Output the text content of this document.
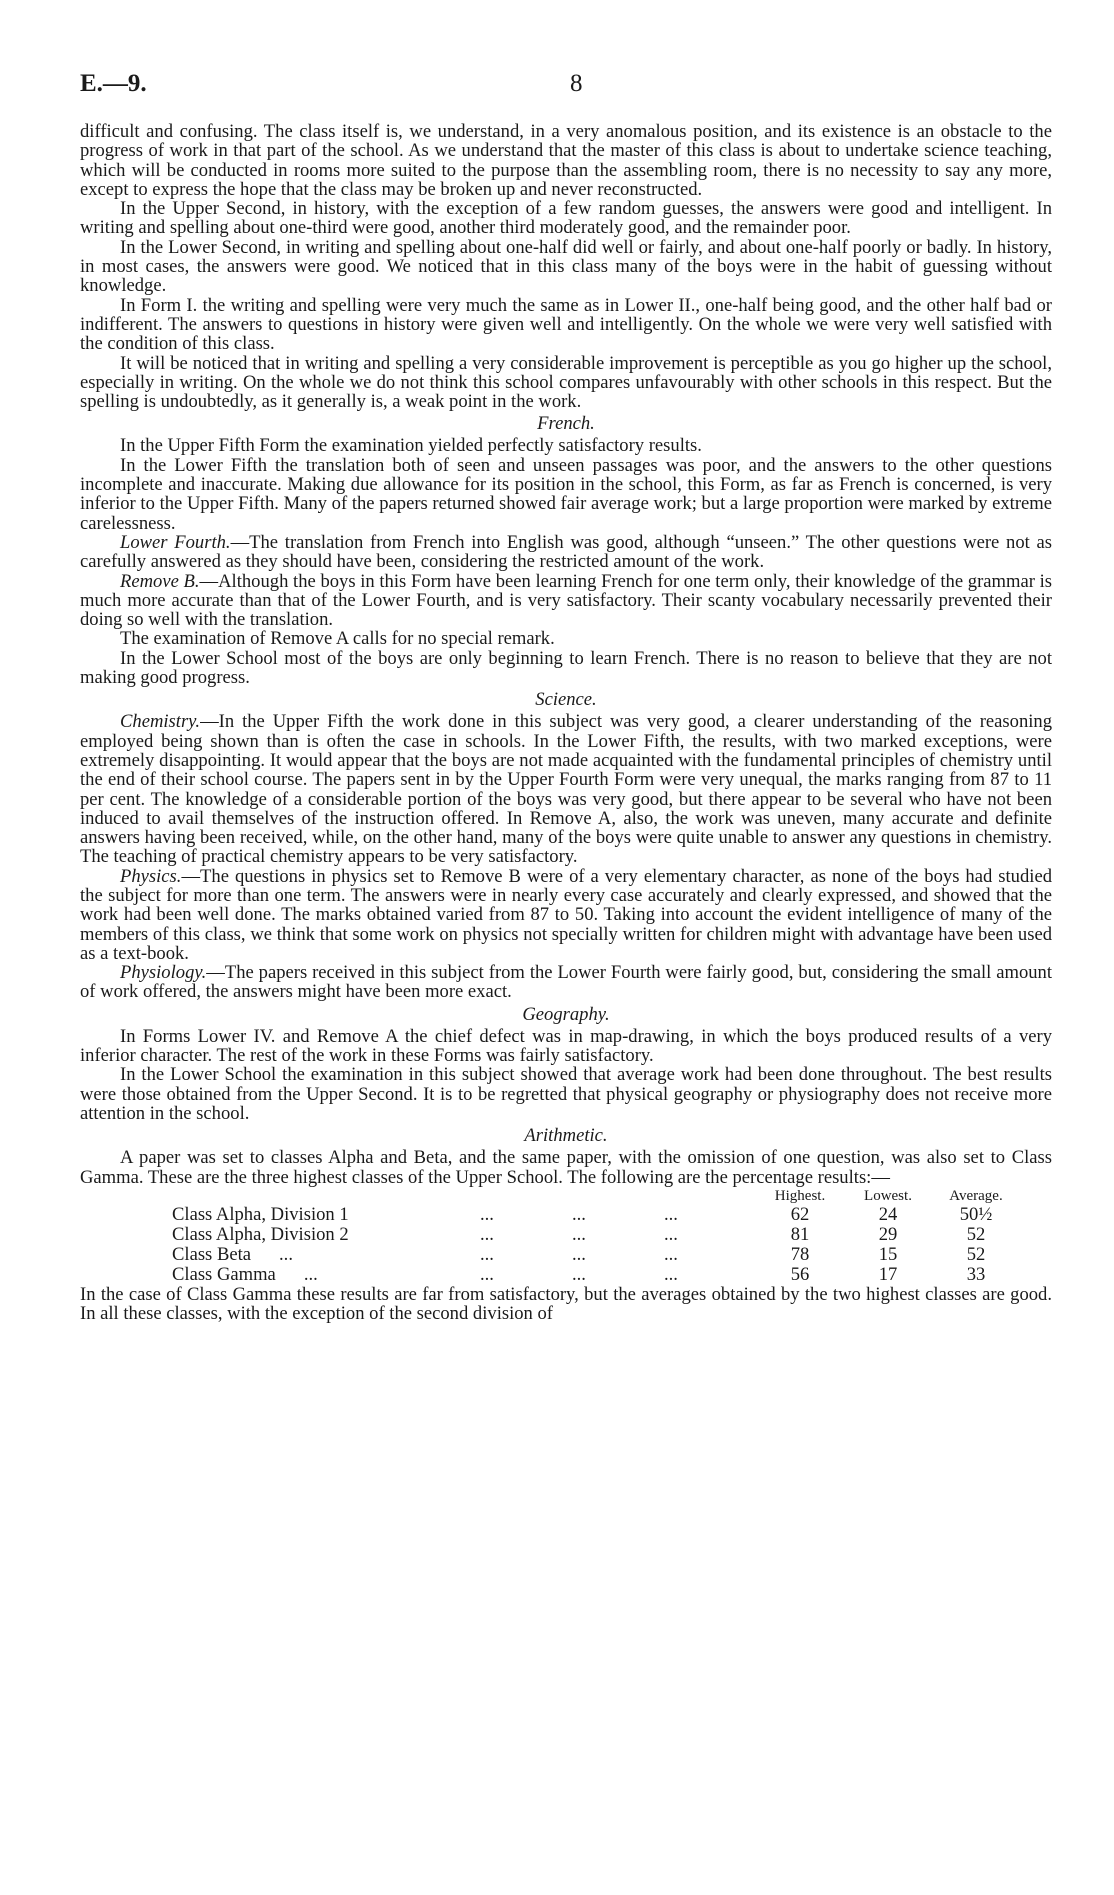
E.—9.	8

difficult and confusing. The class itself is, we understand, in a very anomalous position, and its existence is an obstacle to the progress of work in that part of the school. As we understand that the master of this class is about to undertake science teaching, which will be conducted in rooms more suited to the purpose than the assembling room, there is no necessity to say any more, except to express the hope that the class may be broken up and never reconstructed.

In the Upper Second, in history, with the exception of a few random guesses, the answers were good and intelligent. In writing and spelling about one-third were good, another third moderately good, and the remainder poor.

In the Lower Second, in writing and spelling about one-half did well or fairly, and about one-half poorly or badly. In history, in most cases, the answers were good. We noticed that in this class many of the boys were in the habit of guessing without knowledge.

In Form I. the writing and spelling were very much the same as in Lower II., one-half being good, and the other half bad or indifferent. The answers to questions in history were given well and intelligently. On the whole we were very well satisfied with the condition of this class.

It will be noticed that in writing and spelling a very considerable improvement is perceptible as you go higher up the school, especially in writing. On the whole we do not think this school compares unfavourably with other schools in this respect. But the spelling is undoubtedly, as it generally is, a weak point in the work.

French.

In the Upper Fifth Form the examination yielded perfectly satisfactory results.

In the Lower Fifth the translation both of seen and unseen passages was poor, and the answers to the other questions incomplete and inaccurate. Making due allowance for its position in the school, this Form, as far as French is concerned, is very inferior to the Upper Fifth. Many of the papers returned showed fair average work; but a large proportion were marked by extreme carelessness.

Lower Fourth.—The translation from French into English was good, although “unseen.” The other questions were not as carefully answered as they should have been, considering the restricted amount of the work.

Remove B.—Although the boys in this Form have been learning French for one term only, their knowledge of the grammar is much more accurate than that of the Lower Fourth, and is very satisfactory. Their scanty vocabulary necessarily prevented their doing so well with the translation.

The examination of Remove A calls for no special remark.

In the Lower School most of the boys are only beginning to learn French. There is no reason to believe that they are not making good progress.

Science.

Chemistry.—In the Upper Fifth the work done in this subject was very good, a clearer understanding of the reasoning employed being shown than is often the case in schools. In the Lower Fifth, the results, with two marked exceptions, were extremely disappointing. It would appear that the boys are not made acquainted with the fundamental principles of chemistry until the end of their school course. The papers sent in by the Upper Fourth Form were very unequal, the marks ranging from 87 to 11 per cent. The knowledge of a considerable portion of the boys was very good, but there appear to be several who have not been induced to avail themselves of the instruction offered. In Remove A, also, the work was uneven, many accurate and definite answers having been received, while, on the other hand, many of the boys were quite unable to answer any questions in chemistry. The teaching of practical chemistry appears to be very satisfactory.

Physics.—The questions in physics set to Remove B were of a very elementary character, as none of the boys had studied the subject for more than one term. The answers were in nearly every case accurately and clearly expressed, and showed that the work had been well done. The marks obtained varied from 87 to 50. Taking into account the evident intelligence of many of the members of this class, we think that some work on physics not specially written for children might with advantage have been used as a text-book.

Physiology.—The papers received in this subject from the Lower Fourth were fairly good, but, considering the small amount of work offered, the answers might have been more exact.

Geography.

In Forms Lower IV. and Remove A the chief defect was in map-drawing, in which the boys produced results of a very inferior character. The rest of the work in these Forms was fairly satisfactory.

In the Lower School the examination in this subject showed that average work had been done throughout. The best results were those obtained from the Upper Second. It is to be regretted that physical geography or physiography does not receive more attention in the school.

Arithmetic.

A paper was set to classes Alpha and Beta, and the same paper, with the omission of one question, was also set to Class Gamma. These are the three highest classes of the Upper School. The following are the percentage results:—

				Highest.	Lowest.	Average.
Class Alpha, Division 1	...	...	...	62	24	50½
Class Alpha, Division 2	...	...	...	81	29	52
Class Beta ...	...	...	...	78	15	52
Class Gamma ...	...	...	...	56	17	33

In the case of Class Gamma these results are far from satisfactory, but the averages obtained by the two highest classes are good. In all these classes, with the exception of the second division of
